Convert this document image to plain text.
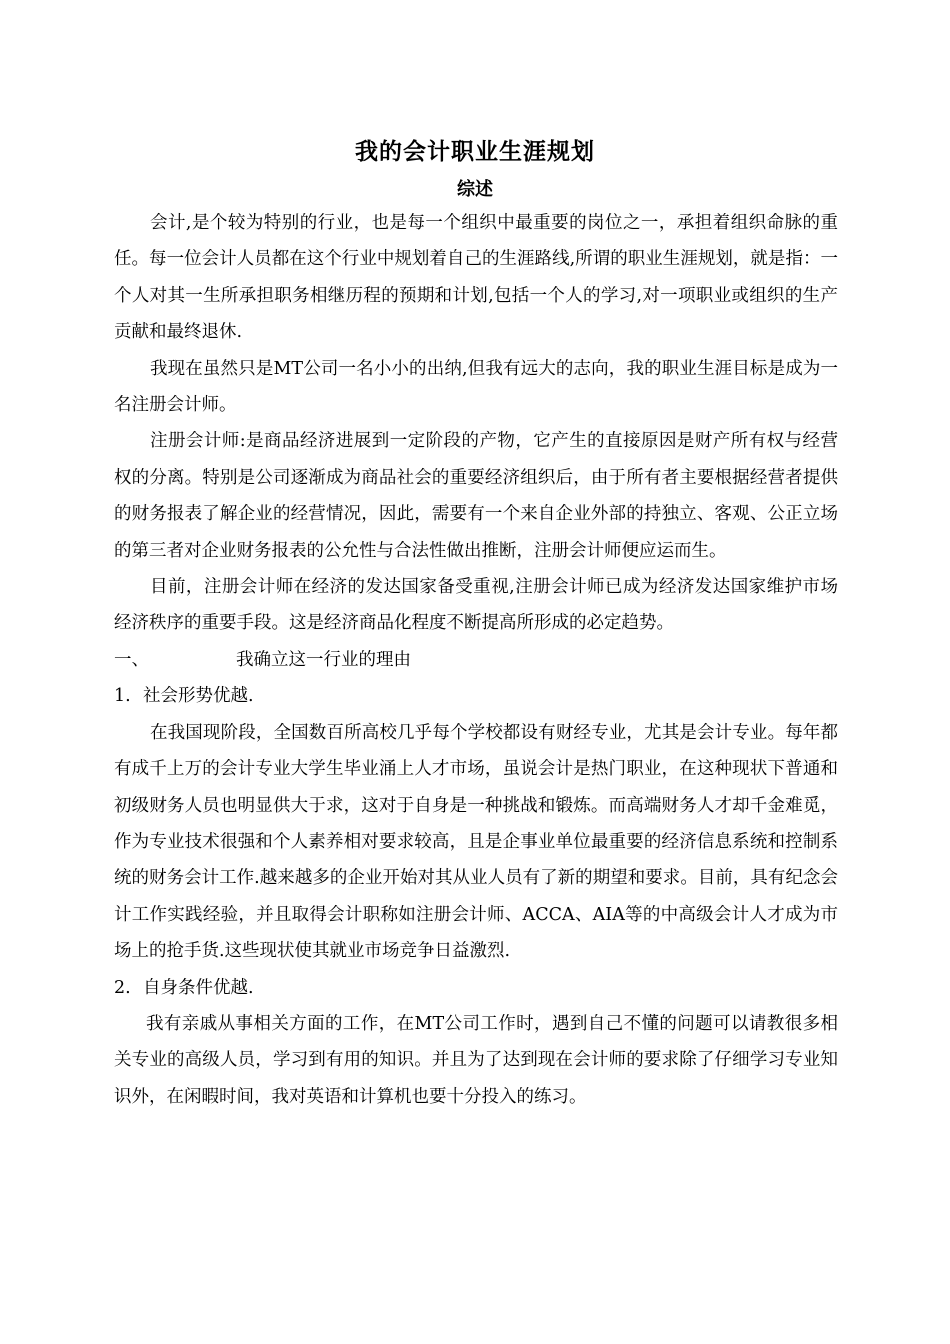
我的会计职业生涯规划
综述

会计,是个较为特别的行业，也是每一个组织中最重要的岗位之一，承担着组织命脉的重任。每一位会计人员都在这个行业中规划着自己的生涯路线,所谓的职业生涯规划，就是指：一个人对其一生所承担职务相继历程的预期和计划,包括一个人的学习,对一项职业或组织的生产贡献和最终退休.

我现在虽然只是MT公司一名小小的出纳,但我有远大的志向，我的职业生涯目标是成为一名注册会计师。

注册会计师:是商品经济进展到一定阶段的产物，它产生的直接原因是财产所有权与经营权的分离。特别是公司逐渐成为商品社会的重要经济组织后，由于所有者主要根据经营者提供的财务报表了解企业的经营情况，因此，需要有一个来自企业外部的持独立、客观、公正立场的第三者对企业财务报表的公允性与合法性做出推断，注册会计师便应运而生。

目前，注册会计师在经济的发达国家备受重视,注册会计师已成为经济发达国家维护市场经济秩序的重要手段。这是经济商品化程度不断提高所形成的必定趋势。

一、	我确立这一行业的理由
1. 社会形势优越.

在我国现阶段，全国数百所高校几乎每个学校都设有财经专业，尤其是会计专业。每年都有成千上万的会计专业大学生毕业涌上人才市场，虽说会计是热门职业，在这种现状下普通和初级财务人员也明显供大于求，这对于自身是一种挑战和锻炼。而高端财务人才却千金难觅，作为专业技术很强和个人素养相对要求较高，且是企事业单位最重要的经济信息系统和控制系统的财务会计工作.越来越多的企业开始对其从业人员有了新的期望和要求。目前，具有纪念会计工作实践经验，并且取得会计职称如注册会计师、ACCA、AIA等的中高级会计人才成为市场上的抢手货.这些现状使其就业市场竞争日益激烈.

2. 自身条件优越.

我有亲戚从事相关方面的工作，在MT公司工作时，遇到自己不懂的问题可以请教很多相关专业的高级人员，学习到有用的知识。并且为了达到现在会计师的要求除了仔细学习专业知识外，在闲暇时间，我对英语和计算机也要十分投入的练习。
